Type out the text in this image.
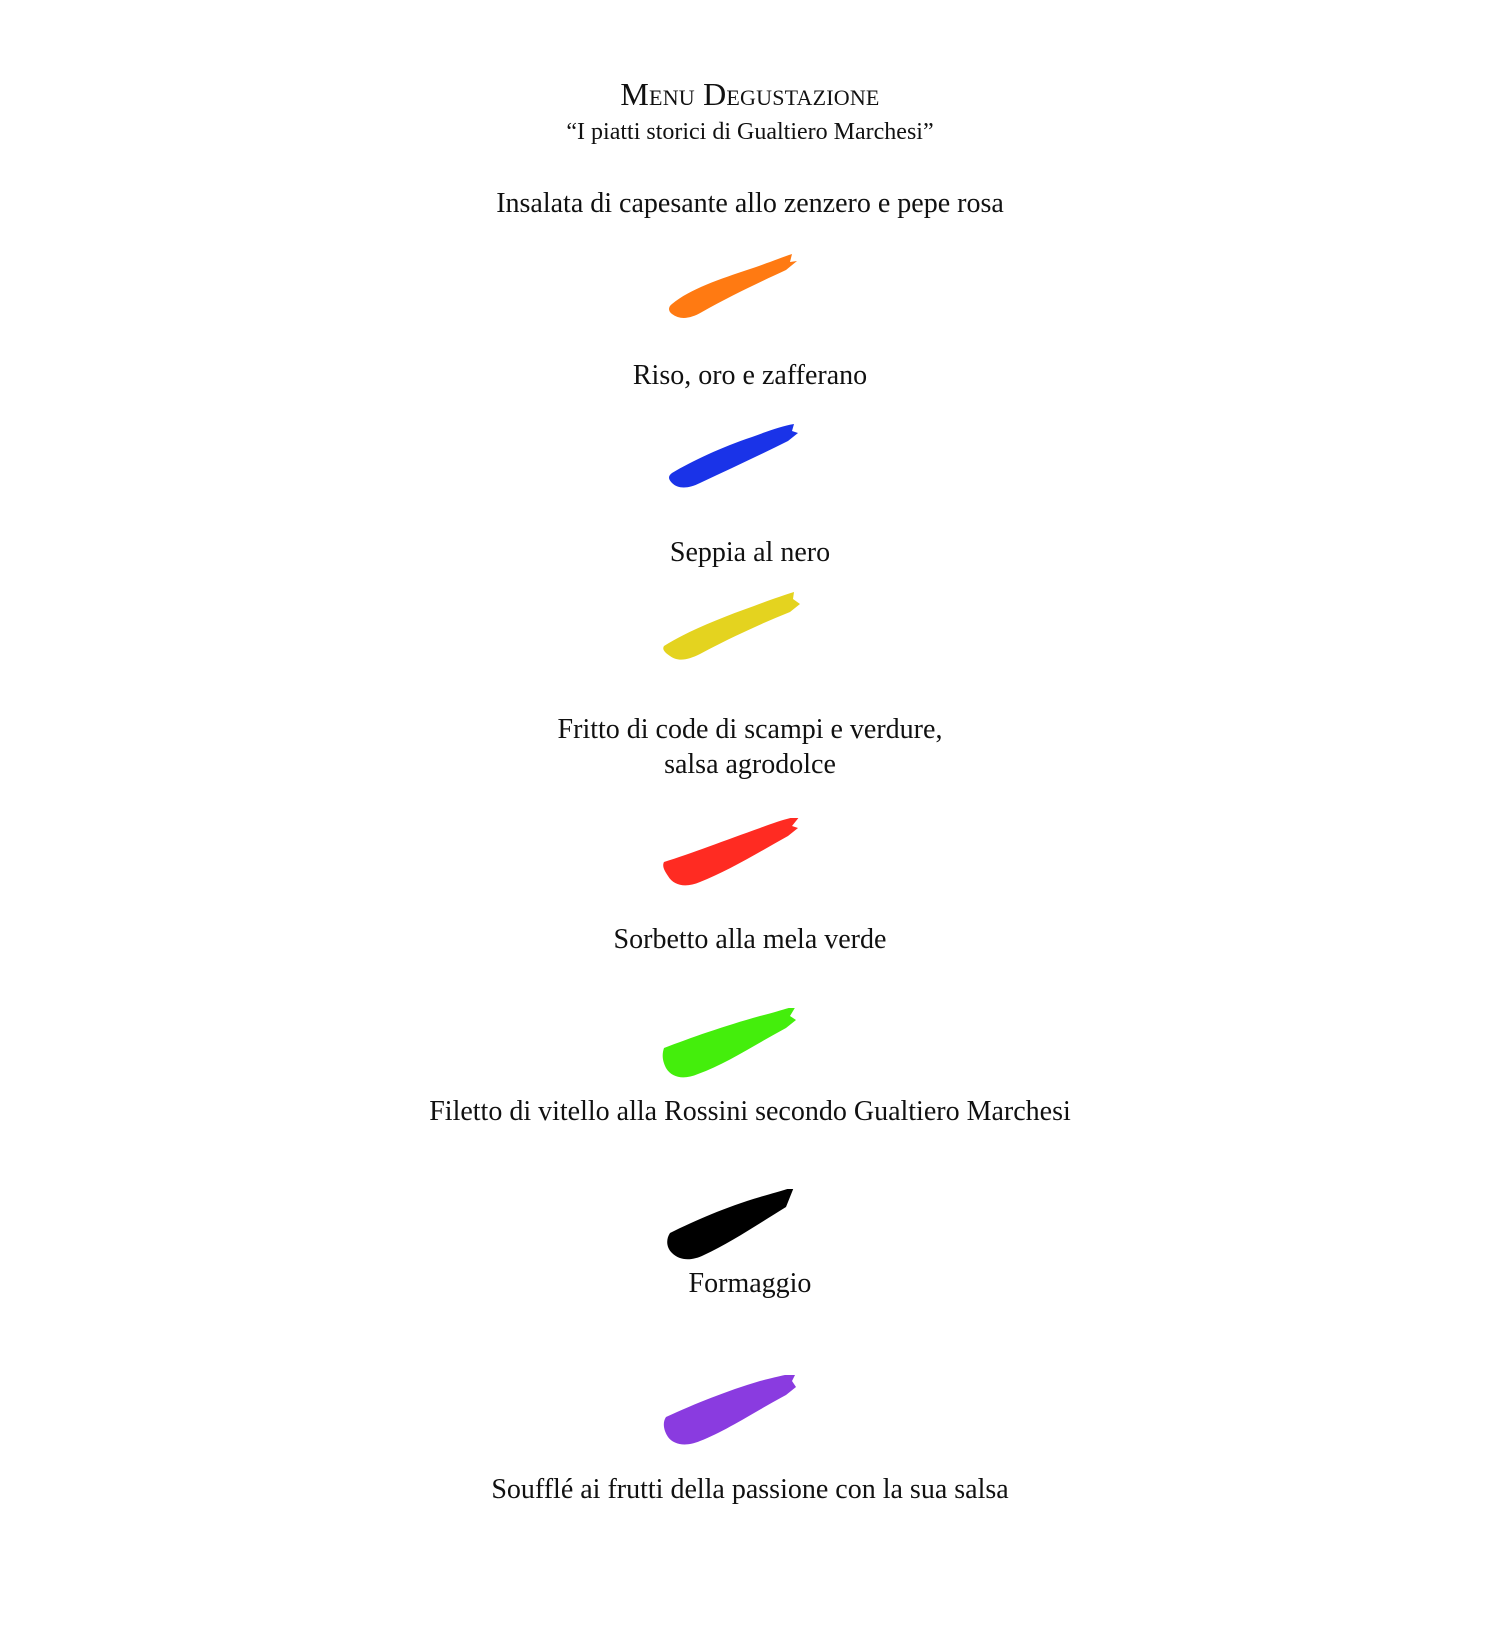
Menu Degustazione
“I piatti storici di Gualtiero Marchesi”
Insalata di capesante allo zenzero e pepe rosa
Riso, oro e zafferano
Seppia al nero
Fritto di code di scampi e verdure,
salsa agrodolce
Sorbetto alla mela verde
Filetto di vitello alla Rossini secondo Gualtiero Marchesi
Formaggio
Soufflé ai frutti della passione con la sua salsa
